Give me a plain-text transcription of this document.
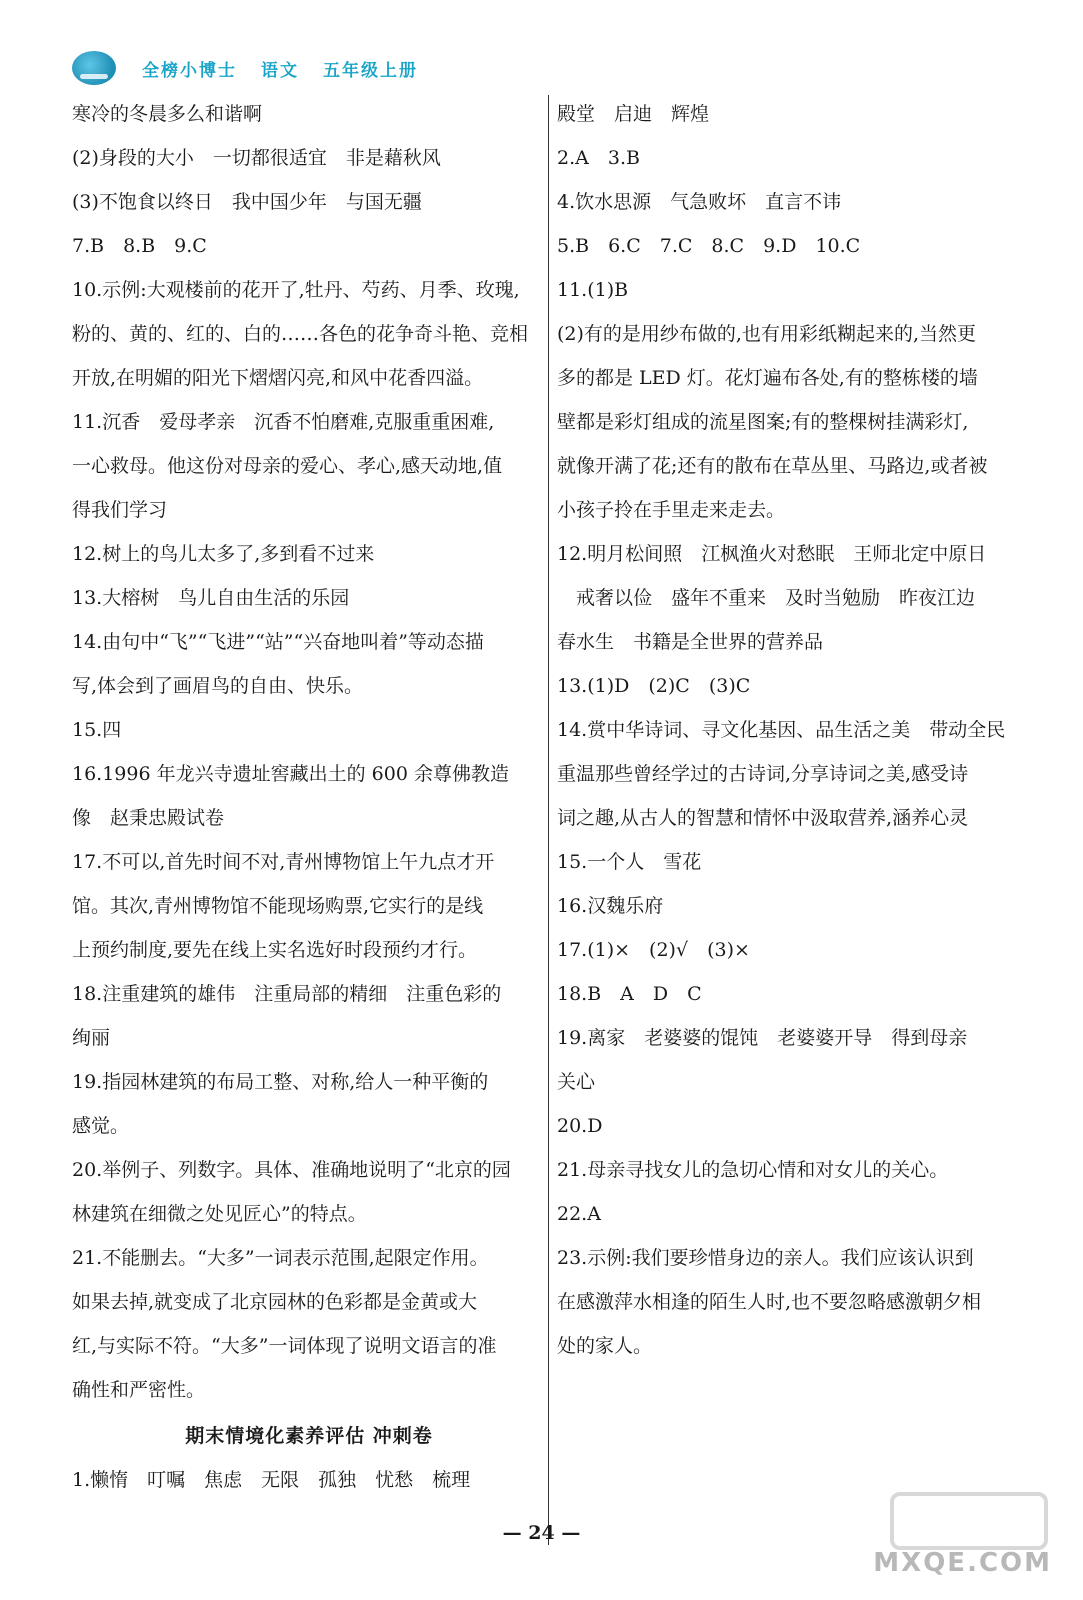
全榜小博士 语文 五年级上册
寒冷的冬晨多么和谐啊
(2)身段的大小　一切都很适宜　非是藉秋风
(3)不饱食以终日　我中国少年　与国无疆
7.B　8.B　9.C
10.示例:大观楼前的花开了,牡丹、芍药、月季、玫瑰,
粉的、黄的、红的、白的……各色的花争奇斗艳、竞相
开放,在明媚的阳光下熠熠闪亮,和风中花香四溢。
11.沉香　爱母孝亲　沉香不怕磨难,克服重重困难,
一心救母。他这份对母亲的爱心、孝心,感天动地,值
得我们学习
12.树上的鸟儿太多了,多到看不过来
13.大榕树　鸟儿自由生活的乐园
14.由句中“飞”“飞进”“站”“兴奋地叫着”等动态描
写,体会到了画眉鸟的自由、快乐。
15.四
16.1996 年龙兴寺遗址窖藏出土的 600 余尊佛教造
像　赵秉忠殿试卷
17.不可以,首先时间不对,青州博物馆上午九点才开
馆。其次,青州博物馆不能现场购票,它实行的是线
上预约制度,要先在线上实名选好时段预约才行。
18.注重建筑的雄伟　注重局部的精细　注重色彩的
绚丽
19.指园林建筑的布局工整、对称,给人一种平衡的
感觉。
20.举例子、列数字。具体、准确地说明了“北京的园
林建筑在细微之处见匠心”的特点。
21.不能删去。“大多”一词表示范围,起限定作用。
如果去掉,就变成了北京园林的色彩都是金黄或大
红,与实际不符。“大多”一词体现了说明文语言的准
确性和严密性。
期末情境化素养评估 冲刺卷
1.懒惰　叮嘱　焦虑　无限　孤独　忧愁　梳理
殿堂　启迪　辉煌
2.A　3.B
4.饮水思源　气急败坏　直言不讳
5.B　6.C　7.C　8.C　9.D　10.C
11.(1)B
(2)有的是用纱布做的,也有用彩纸糊起来的,当然更
多的都是 LED 灯。花灯遍布各处,有的整栋楼的墙
壁都是彩灯组成的流星图案;有的整棵树挂满彩灯,
就像开满了花;还有的散布在草丛里、马路边,或者被
小孩子拎在手里走来走去。
12.明月松间照　江枫渔火对愁眠　王师北定中原日
　戒奢以俭　盛年不重来　及时当勉励　昨夜江边
春水生　书籍是全世界的营养品
13.(1)D　(2)C　(3)C
14.赏中华诗词、寻文化基因、品生活之美　带动全民
重温那些曾经学过的古诗词,分享诗词之美,感受诗
词之趣,从古人的智慧和情怀中汲取营养,涵养心灵
15.一个人　雪花
16.汉魏乐府
17.(1)×　(2)√　(3)×
18.B　A　D　C
19.离家　老婆婆的馄饨　老婆婆开导　得到母亲
关心
20.D
21.母亲寻找女儿的急切心情和对女儿的关心。
22.A
23.示例:我们要珍惜身边的亲人。我们应该认识到
在感激萍水相逢的陌生人时,也不要忽略感激朝夕相
处的家人。
— 24 —
MXQE.COM
